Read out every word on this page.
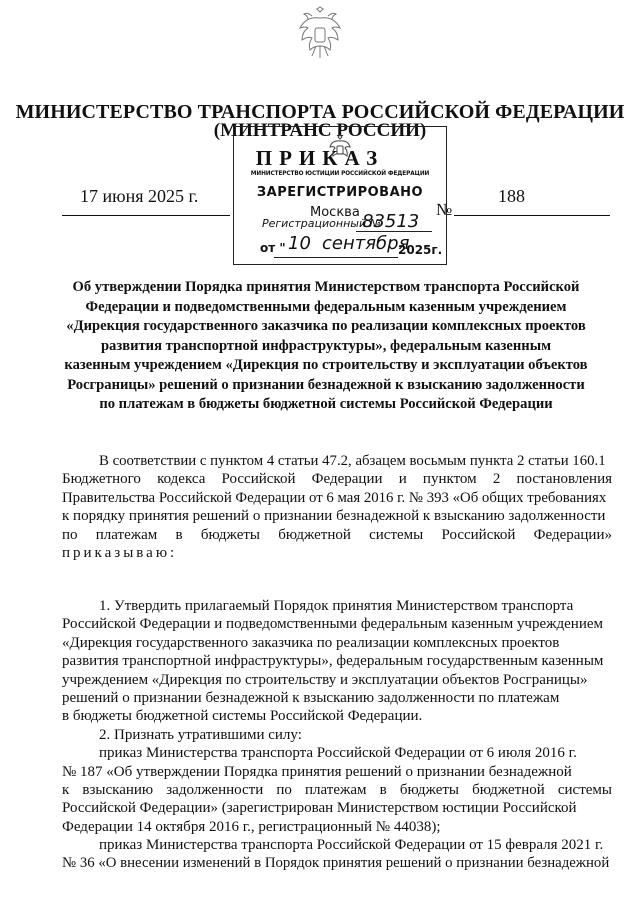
МИНИСТЕРСТВО ТРАНСПОРТА РОССИЙСКОЙ ФЕДЕРАЦИИ
(МИНТРАНС РОССИИ)
ПРИКАЗ
17 июня 2025 г.
№
188
МИНИСТЕРСТВО ЮСТИЦИИ РОССИЙСКОЙ ФЕДЕРАЦИИ
ЗАРЕГИСТРИРОВАНО
Москва
Регистрационный №
83513
от " 10 сентября
2025г.
Об утверждении Порядка принятия Министерством транспорта Российской
Федерации и подведомственными федеральным казенным учреждением
«Дирекция государственного заказчика по реализации комплексных проектов
развития транспортной инфраструктуры», федеральным казенным
казенным учреждением «Дирекция по строительству и эксплуатации объектов
Росграницы» решений о признании безнадежной к взысканию задолженности
по платежам в бюджеты бюджетной системы Российской Федерации
В соответствии с пунктом 4 статьи 47.2, абзацем восьмым пункта 2 статьи 160.1
Бюджетного кодекса Российской Федерации и пунктом 2 постановления
Правительства Российской Федерации от 6 мая 2016 г. № 393 «Об общих требованиях
к порядку принятия решений о признании безнадежной к взысканию задолженности
по платежам в бюджеты бюджетной системы Российской Федерации»
приказываю:
1. Утвердить прилагаемый Порядок принятия Министерством транспорта
Российской Федерации и подведомственными федеральным казенным учреждением
«Дирекция государственного заказчика по реализации комплексных проектов
развития транспортной инфраструктуры», федеральным государственным казенным
учреждением «Дирекция по строительству и эксплуатации объектов Росграницы»
решений о признании безнадежной к взысканию задолженности по платежам
в бюджеты бюджетной системы Российской Федерации.
2. Признать утратившими силу:
приказ Министерства транспорта Российской Федерации от 6 июля 2016 г.
№ 187 «Об утверждении Порядка принятия решений о признании безнадежной
к взысканию задолженности по платежам в бюджеты бюджетной системы
Российской Федерации» (зарегистрирован Министерством юстиции Российской
Федерации 14 октября 2016 г., регистрационный № 44038);
приказ Министерства транспорта Российской Федерации от 15 февраля 2021 г.
№ 36 «О внесении изменений в Порядок принятия решений о признании безнадежной
